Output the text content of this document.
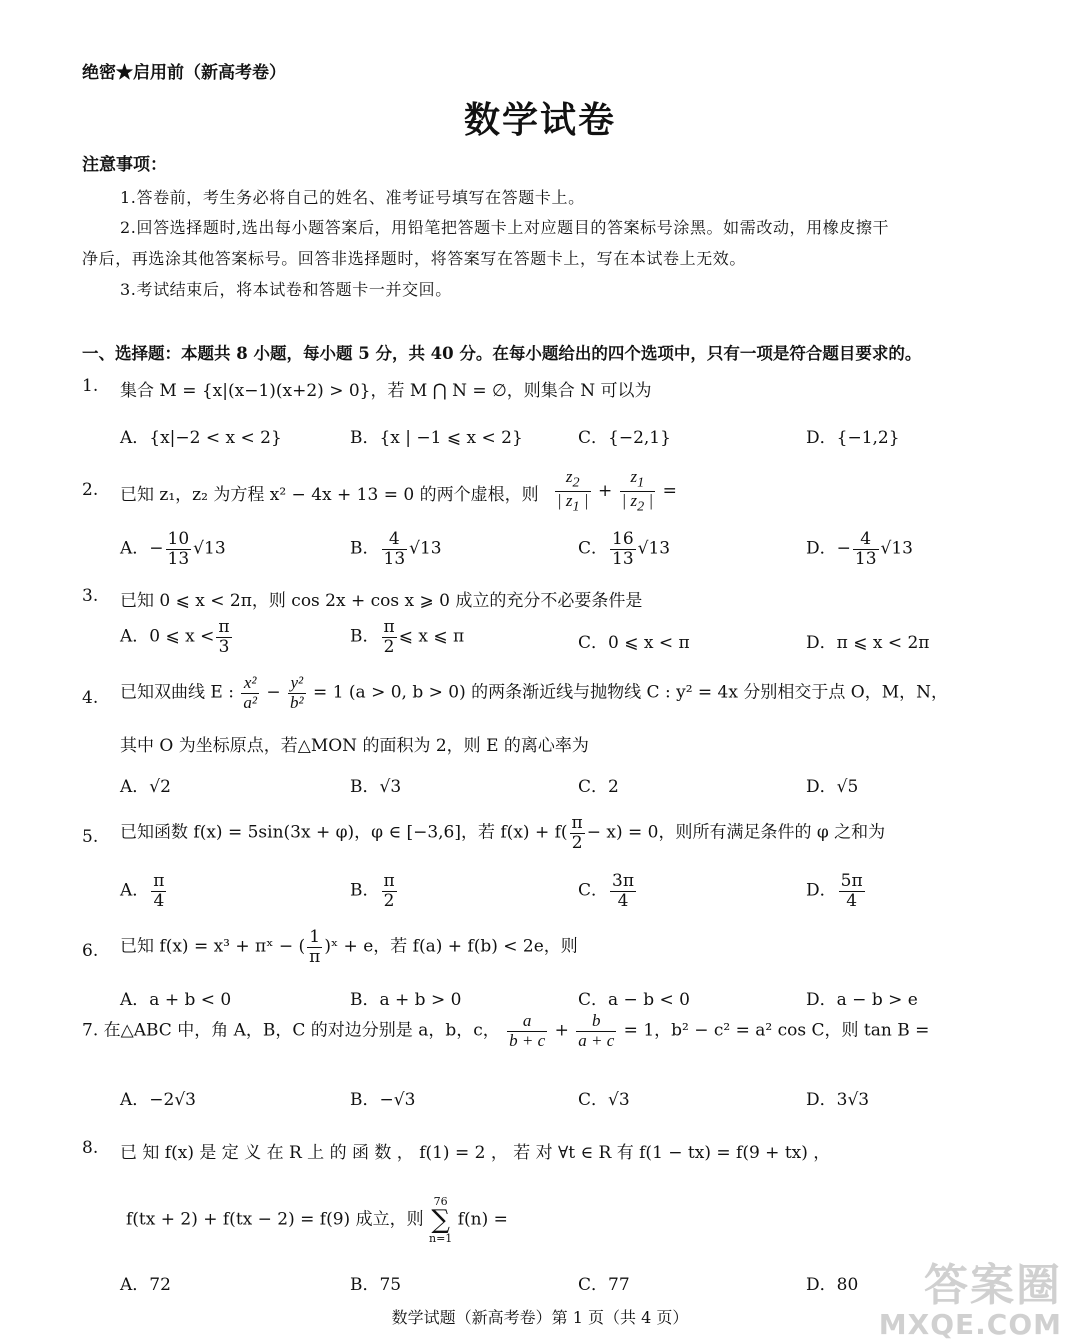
绝密★启用前（新高考卷）
数学试卷
注意事项：
1.答卷前，考生务必将自己的姓名、准考证号填写在答题卡上。
2.回答选择题时,选出每小题答案后，用铅笔把答题卡上对应题目的答案标号涂黑。如需改动，用橡皮擦干
净后，再选涂其他答案标号。回答非选择题时，将答案写在答题卡上，写在本试卷上无效。
3.考试结束后，将本试卷和答题卡一并交回。
一、选择题：本题共 8 小题，每小题 5 分，共 40 分。在每小题给出的四个选项中，只有一项是符合题目要求的。
1. 集合 M = {x|(x−1)(x+2) > 0}，若 M ⋂ N = ∅，则集合 N 可以为
A．{x|−2 < x < 2}	B．{x | −1 ⩽ x < 2}	C．{−2,1}	D．{−1,2}
2. 已知 z₁，z₂ 为方程 x² − 4x + 13 = 0 的两个虚根，则 $\frac{z_2}{| z_1 |} + \frac{z_1}{| z_2 |}$ =
A．− $\frac{10}{13} √13$	B． $\frac{4}{13} √13$	C． $\frac{16}{13} √13$	D．− $\frac{4}{13} √13$
3. 已知 0 ⩽ x < 2π，则 cos 2x + cos x ⩾ 0 成立的充分不必要条件是
A．0 ⩽ $x < \frac{\pi}{3}$	B． $\frac{\pi}{2}$ ⩽ x ⩽ π	C．0 ⩽ x < π	D．π ⩽ x < 2π
4. 已知双曲线 E : $\frac{\text{x²}}{\text{a²}} - \frac{\text{y²}}{\text{b²}} = 1$ (a > 0, b > 0) 的两条渐近线与抛物线 C : y² = 4x 分别相交于点 O，M，N，
其中 O 为坐标原点，若△MON 的面积为 2，则 E 的离心率为
A．√2	B．√3	C．2	D．√5
5. 已知函数 f(x) = 5sin(3x + φ)，φ ∈ [−3,6]，若 $f(x) + f( \frac{\pi}{2} - x) = 0$，则所有满足条件的 φ 之和为
A． $\frac{\pi}{4}$	B． $\frac{\pi}{2}$	C． $\frac{3\pi}{4}$	D． $\frac{5\pi}{4}$
6. 已知 f(x) = x³ + πˣ − ( $\frac{1}{\pi}$ )ˣ + e，若 f(a) + f(b) < 2e，则
A．a + b < 0	B．a + b > 0	C．a − b < 0	D．a − b > e
7. 在△ABC 中，角 A，B，C 的对边分别是 a，b，c， $\frac{a}{b + c} + \frac{b}{a + c} = 1$，b² − c² = a² cos C，则 tan B =
A．−2√3	B．−√3	C．√3	D．3√3
8. 已 知 f(x) 是 定 义 在 R 上 的 函 数 ， f(1) = 2 ， 若 对 ∀t ∈ R 有 f(1 − tx) = f(9 + tx) ，
f(tx + 2) + f(tx − 2) = f(9) 成立，则 76
∑
n=1 f(n) =
A．72	B．75	C．77	D．80
数学试题（新高考卷）第 1 页（共 4 页）
答案圈
MXQE.COM
